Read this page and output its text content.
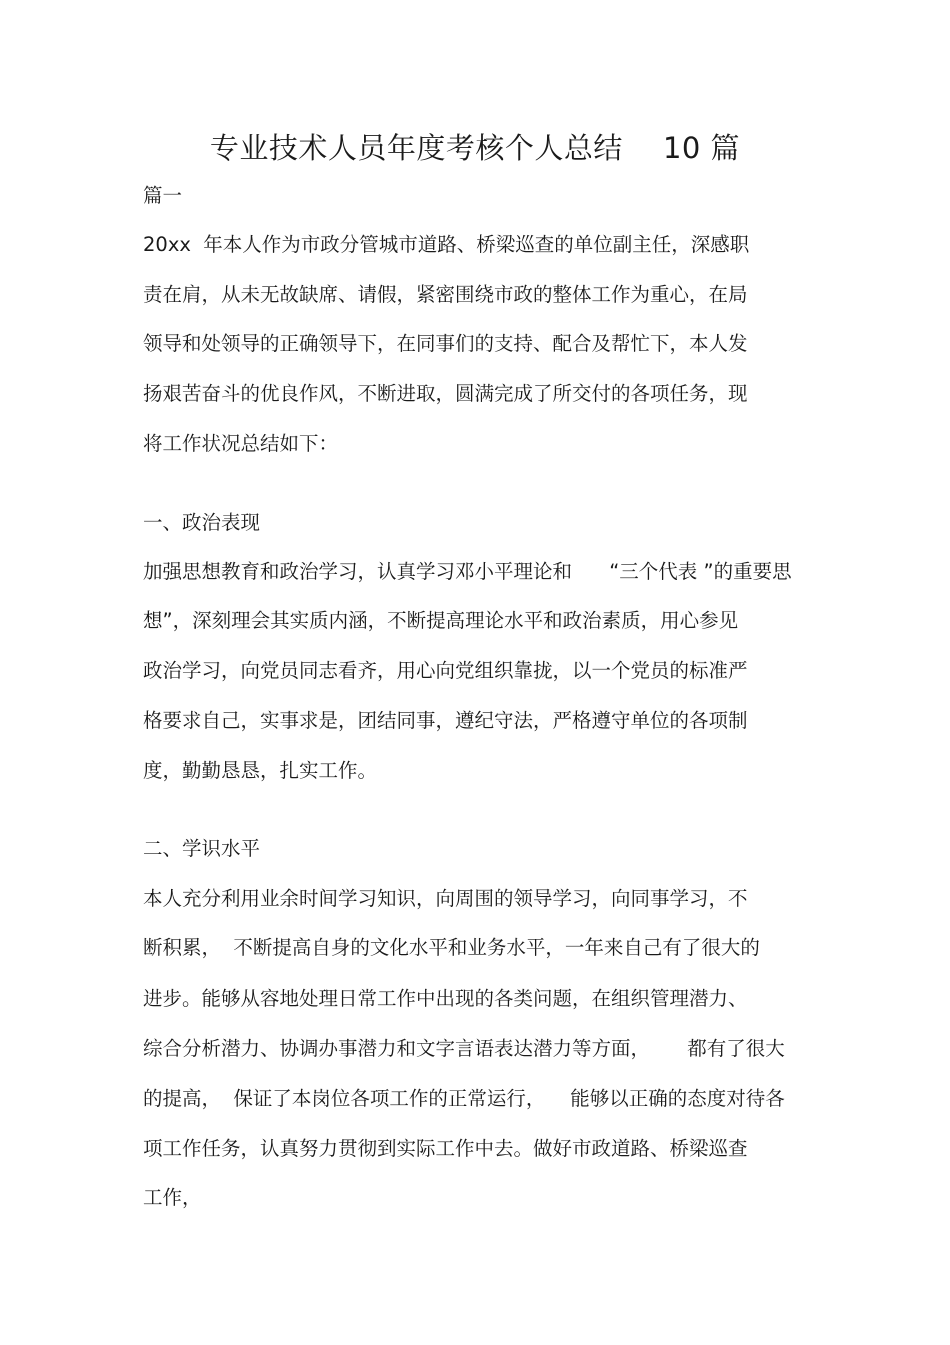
专业技术人员年度考核个人总结 10 篇
篇一
20xx  年本人作为市政分管城市道路、桥梁巡查的单位副主任，深感职
责在肩，从未无故缺席、请假，紧密围绕市政的整体工作为重心，在局
领导和处领导的正确领导下，在同事们的支持、配合及帮忙下，本人发
扬艰苦奋斗的优良作风，不断进取，圆满完成了所交付的各项任务，现
将工作状况总结如下：
一、政治表现
加强思想教育和政治学习，认真学习邓小平理论和      “三个代表 ”的重要思
想”，深刻理会其实质内涵，不断提高理论水平和政治素质，用心参见
政治学习，向党员同志看齐，用心向党组织靠拢，以一个党员的标准严
格要求自己，实事求是，团结同事，遵纪守法，严格遵守单位的各项制
度，勤勤恳恳，扎实工作。
二、学识水平
本人充分利用业余时间学习知识，向周围的领导学习，向同事学习，不
断积累，  不断提高自身的文化水平和业务水平，一年来自己有了很大的
进步。能够从容地处理日常工作中出现的各类问题，在组织管理潜力、
综合分析潜力、协调办事潜力和文字言语表达潜力等方面，      都有了很大
的提高，  保证了本岗位各项工作的正常运行，    能够以正确的态度对待各
项工作任务，认真努力贯彻到实际工作中去。做好市政道路、桥梁巡查
工作，
